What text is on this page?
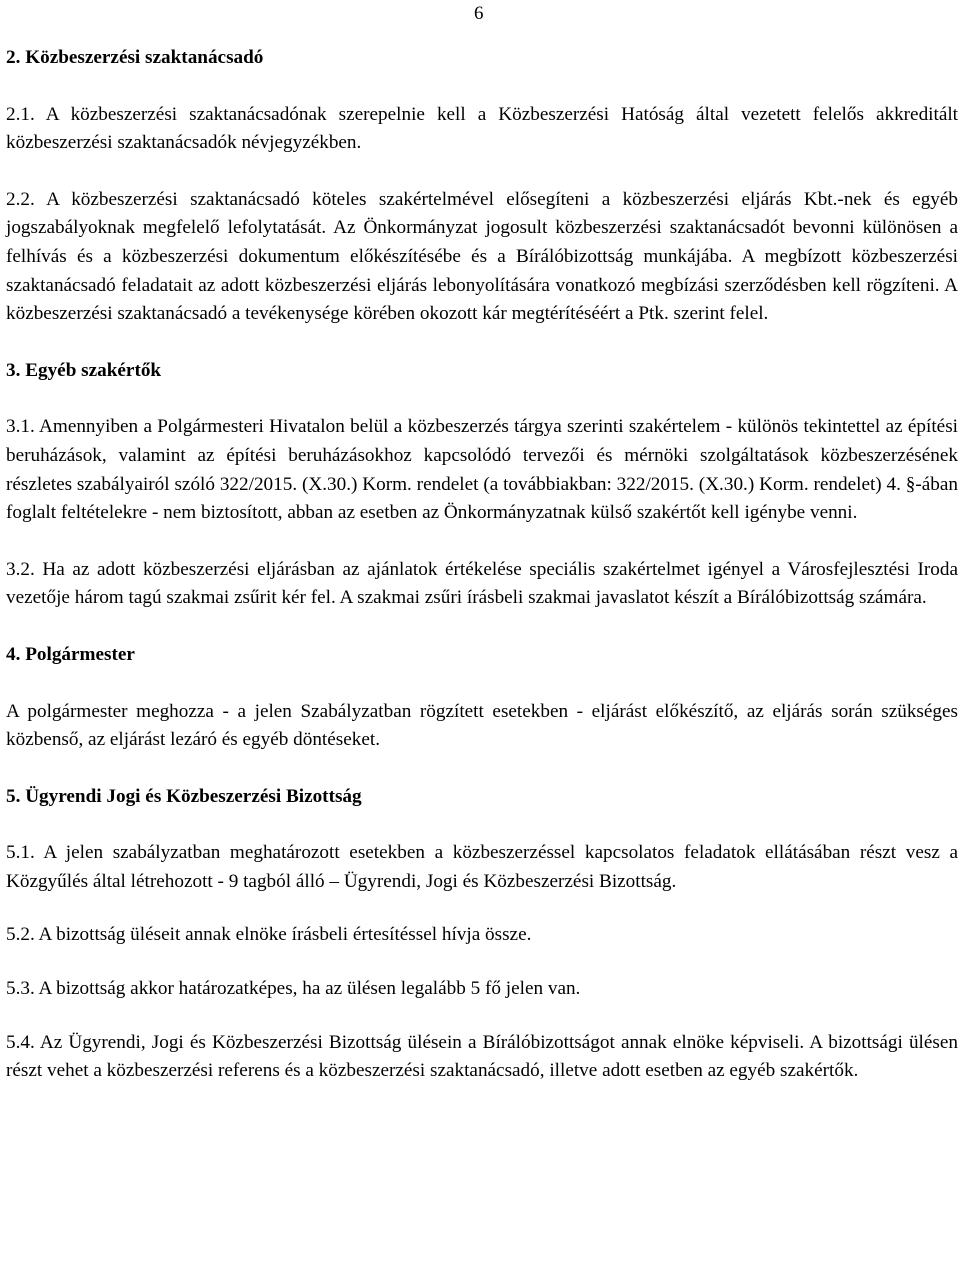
6
2. Közbeszerzési szaktanácsadó

2.1. A közbeszerzési szaktanácsadónak szerepelnie kell a Közbeszerzési Hatóság által vezetett felelős akkreditált közbeszerzési szaktanácsadók névjegyzékben.

2.2. A közbeszerzési szaktanácsadó köteles szakértelmével elősegíteni a közbeszerzési eljárás Kbt.-nek és egyéb jogszabályoknak megfelelő lefolytatását. Az Önkormányzat jogosult közbeszerzési szaktanácsadót bevonni különösen a felhívás és a közbeszerzési dokumentum előkészítésébe és a Bírálóbizottság munkájába. A megbízott közbeszerzési szaktanácsadó feladatait az adott közbeszerzési eljárás lebonyolítására vonatkozó megbízási szerződésben kell rögzíteni. A közbeszerzési szaktanácsadó a tevékenysége körében okozott kár megtérítéséért a Ptk. szerint felel.

3. Egyéb szakértők

3.1. Amennyiben a Polgármesteri Hivatalon belül a közbeszerzés tárgya szerinti szakértelem - különös tekintettel az építési beruházások, valamint az építési beruházásokhoz kapcsolódó tervezői és mérnöki szolgáltatások közbeszerzésének részletes szabályairól szóló 322/2015. (X.30.) Korm. rendelet (a továbbiakban: 322/2015. (X.30.) Korm. rendelet) 4. §-ában foglalt feltételekre - nem biztosított, abban az esetben az Önkormányzatnak külső szakértőt kell igénybe venni.

3.2. Ha az adott közbeszerzési eljárásban az ajánlatok értékelése speciális szakértelmet igényel a Városfejlesztési Iroda vezetője három tagú szakmai zsűrit kér fel. A szakmai zsűri írásbeli szakmai javaslatot készít a Bírálóbizottság számára.

4. Polgármester

A polgármester meghozza - a jelen Szabályzatban rögzített esetekben - eljárást előkészítő, az eljárás során szükséges közbenső, az eljárást lezáró és egyéb döntéseket.

5. Ügyrendi Jogi és Közbeszerzési Bizottság

5.1. A jelen szabályzatban meghatározott esetekben a közbeszerzéssel kapcsolatos feladatok ellátásában részt vesz a Közgyűlés által létrehozott - 9 tagból álló – Ügyrendi, Jogi és Közbeszerzési Bizottság.

5.2. A bizottság üléseit annak elnöke írásbeli értesítéssel hívja össze.

5.3. A bizottság akkor határozatképes, ha az ülésen legalább 5 fő jelen van.

5.4. Az Ügyrendi, Jogi és Közbeszerzési Bizottság ülésein a Bírálóbizottságot annak elnöke képviseli. A bizottsági ülésen részt vehet a közbeszerzési referens és a közbeszerzési szaktanácsadó, illetve adott esetben az egyéb szakértők.
